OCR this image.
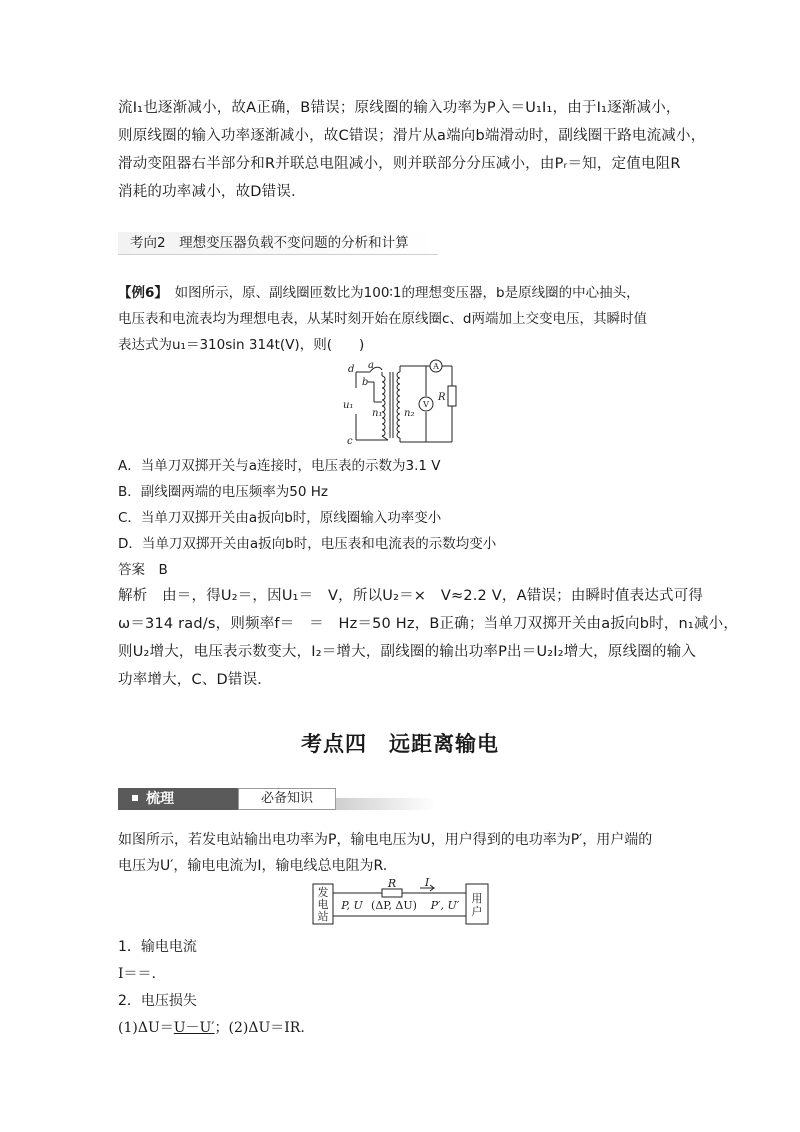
流I₁也逐渐减小，故A正确，B错误；原线圈的输入功率为P入＝U₁I₁，由于I₁逐渐减小，
则原线圈的输入功率逐渐减小，故C错误；滑片从a端向b端滑动时，副线圈干路电流减小，
滑动变阻器右半部分和R并联总电阻减小，则并联部分分压减小，由Pᵣ＝知，定值电阻R
消耗的功率减小，故D错误．
考向2　理想变压器负载不变问题的分析和计算
【例6】　 如图所示，原、副线圈匝数比为100∶1的理想变压器，b是原线圈的中心抽头，
电压表和电流表均为理想电表，从某时刻开始在原线圈c、d两端加上交变电压，其瞬时值
表达式为u₁＝310sin 314t(V)，则(　　)
d a
b
c
u₁
n₁ n₂
R
A
V
A．当单刀双掷开关与a连接时，电压表的示数为3.1 V
B．副线圈两端的电压频率为50 Hz
C．当单刀双掷开关由a扳向b时，原线圈输入功率变小
D．当单刀双掷开关由a扳向b时，电压表和电流表的示数均变小
答案　B
解析　由＝，得U₂＝，因U₁＝　V，所以U₂＝×　V≈2.2 V，A错误；由瞬时值表达式可得
ω＝314 rad/s，则频率f＝　＝　Hz＝50 Hz，B正确；当单刀双掷开关由a扳向b时，n₁减小，
则U₂增大，电压表示数变大，I₂＝增大，副线圈的输出功率P出＝U₂I₂增大，原线圈的输入
功率增大，C、D错误．
考点四　远距离输电
梳理	必备知识
如图所示，若发电站输出电功率为P，输电电压为U，用户得到的电功率为P′，用户端的
电压为U′，输电电流为I，输电线总电阻为R.
发
电
站
用
户
P, U
R	I
(ΔP, ΔU) P′, U′
1．输电电流
I＝＝.
2．电压损失
(1)ΔU＝U－U′；(2)ΔU＝IR.
